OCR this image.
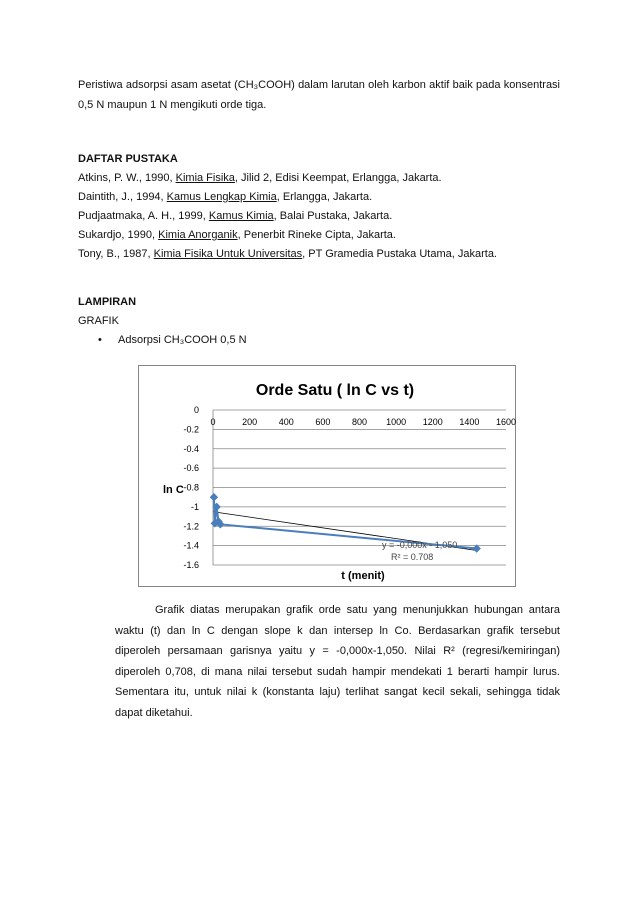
Peristiwa adsorpsi asam asetat (CH₃COOH) dalam larutan oleh karbon aktif baik pada konsentrasi 0,5 N maupun 1 N mengikuti orde tiga.
DAFTAR PUSTAKA
Atkins, P. W., 1990, Kimia Fisika, Jilid 2, Edisi Keempat, Erlangga, Jakarta.
Daintith, J., 1994, Kamus Lengkap Kimia, Erlangga, Jakarta.
Pudjaatmaka, A. H., 1999, Kamus Kimia, Balai Pustaka, Jakarta.
Sukardjo, 1990, Kimia Anorganik, Penerbit Rineke Cipta, Jakarta.
Tony, B., 1987, Kimia Fisika Untuk Universitas, PT Gramedia Pustaka Utama, Jakarta.
LAMPIRAN
GRAFIK
• Adsorpsi CH₃COOH 0,5 N
Orde Satu ( ln C vs t)
0
-0.2
-0.4
-0.6
-0.8
-1
-1.2
-1.4
-1.6
0	200 400 600 800 1000 1200 1400 1600
ln C
t (menit)
y = -0,000x - 1,050
R² = 0.708
Grafik diatas merupakan grafik orde satu yang menunjukkan hubungan antara waktu (t) dan ln C dengan slope k dan intersep ln Co. Berdasarkan grafik tersebut diperoleh persamaan garisnya yaitu y = -0,000x-1,050. Nilai R² (regresi/kemiringan) diperoleh 0,708, di mana nilai tersebut sudah hampir mendekati 1 berarti hampir lurus. Sementara itu, untuk nilai k (konstanta laju) terlihat sangat kecil sekali, sehingga tidak dapat diketahui.
